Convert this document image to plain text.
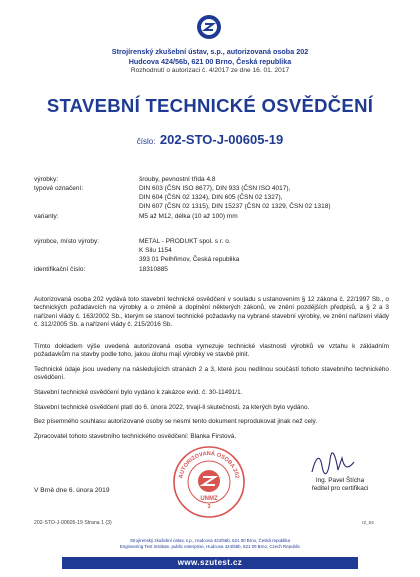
Strojírenský zkušební ústav, s.p., autorizovaná osoba 202
Hudcova 424/56b, 621 00 Brno, Česká republika
Rozhodnutí o autorizaci č. 4/2017 ze dne 16. 01. 2017
STAVEBNÍ TECHNICKÉ OSVĚDČENÍ
číslo: 202-STO-J-00605-19
výrobky:	šrouby, pevnostní třída 4.8
typové označení:	DIN 603 (ČSN ISO 8677), DIN 933 (ČSN ISO 4017),
DIN 604 (ČSN 02 1324), DIN 605 (ČSN 02 1327),
DIN 607 (ČSN 02 1315), DIN 15237 (ČSN 02 1329, ČSN 02 1318)
varianty:	M5 až M12, délka (10 až 100) mm
výrobce, místo výroby:	METAL - PRODUKT spol. s r. o.
K Silu 1154
393 01 Pelhřimov, Česká republika
identifikační číslo:	18310885
Autorizovaná osoba 202 vydává toto stavební technické osvědčení v souladu s ustanovením § 12 zákona č. 22/1997 Sb., o technických požadavcích na výrobky a o změně a doplnění některých zákonů, ve znění pozdějších předpisů, a § 2 a 3 nařízení vlády č. 163/2002 Sb., kterým se stanoví technické požadavky na vybrané stavební výrobky, ve znění nařízení vlády č. 312/2005 Sb. a nařízení vlády č. 215/2016 Sb.
Tímto dokladem výše uvedená autorizovaná osoba vymezuje technické vlastnosti výrobků ve vztahu k základním požadavkům na stavby podle toho, jakou úlohu mají výrobky ve stavbě plnit.
Technické údaje jsou uvedeny na následujících stranách 2 a 3, které jsou nedílnou součástí tohoto stavebního technického osvědčení.
Stavební technické osvědčení bylo vydáno k zakázce evid. č. 30-11491/1.
Stavební technické osvědčení platí do 6. února 2022, trvají-li skutečnosti, za kterých bylo vydáno.
Bez písemného souhlasu autorizované osoby se nesmí tento dokument reprodukovat jinak než celý.
Zpracovatel tohoto stavebního technického osvědčení: Blanka Firstová.
V Brně dne 6. února 2019
AUTORIZOVANÁ OSOBA 202
UNMZ
3
Ing. Pavel Štícha
ředitel pro certifikaci
202-STO-J-00605-19 Strana 1 (3)	r2_04
Strojírenský zkušební ústav, s.p., Hudcova 424/56b, 621 00 Brno, Česká republika
Engineering Test Institute, public enterprise, Hudcova 424/56b, 621 00 Brno, Czech Republic
www.szutest.cz
